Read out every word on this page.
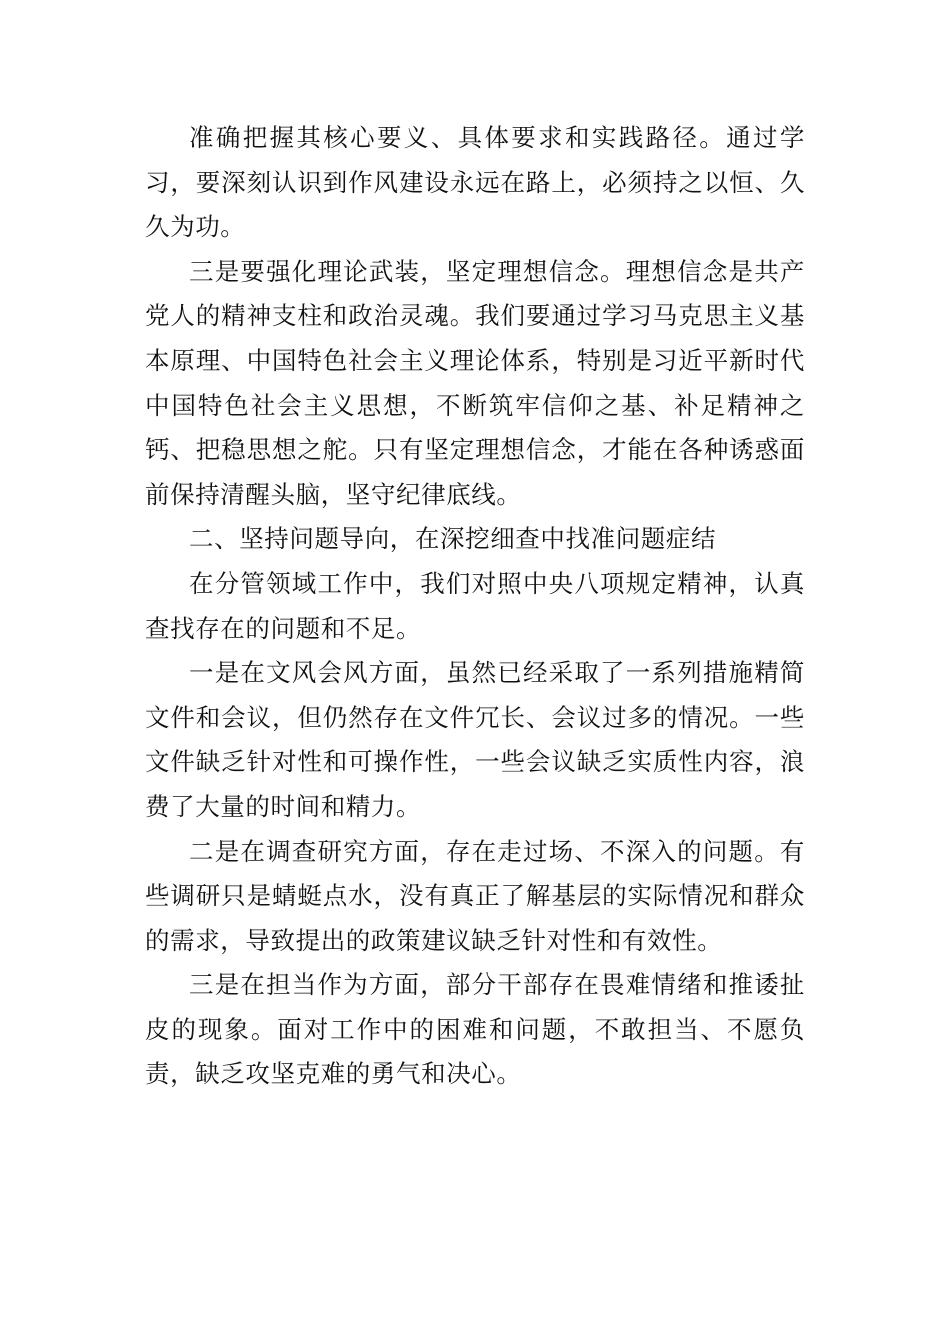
准确把握其核心要义、具体要求和实践路径。通过学习，要深刻认识到作风建设永远在路上，必须持之以恒、久久为功。

三是要强化理论武装，坚定理想信念。理想信念是共产党人的精神支柱和政治灵魂。我们要通过学习马克思主义基本原理、中国特色社会主义理论体系，特别是习近平新时代中国特色社会主义思想，不断筑牢信仰之基、补足精神之钙、把稳思想之舵。只有坚定理想信念，才能在各种诱惑面前保持清醒头脑，坚守纪律底线。

二、坚持问题导向，在深挖细查中找准问题症结

在分管领域工作中，我们对照中央八项规定精神，认真查找存在的问题和不足。

一是在文风会风方面，虽然已经采取了一系列措施精简文件和会议，但仍然存在文件冗长、会议过多的情况。一些文件缺乏针对性和可操作性，一些会议缺乏实质性内容，浪费了大量的时间和精力。

二是在调查研究方面，存在走过场、不深入的问题。有些调研只是蜻蜓点水，没有真正了解基层的实际情况和群众的需求，导致提出的政策建议缺乏针对性和有效性。

三是在担当作为方面，部分干部存在畏难情绪和推诿扯皮的现象。面对工作中的困难和问题，不敢担当、不愿负责，缺乏攻坚克难的勇气和决心。
